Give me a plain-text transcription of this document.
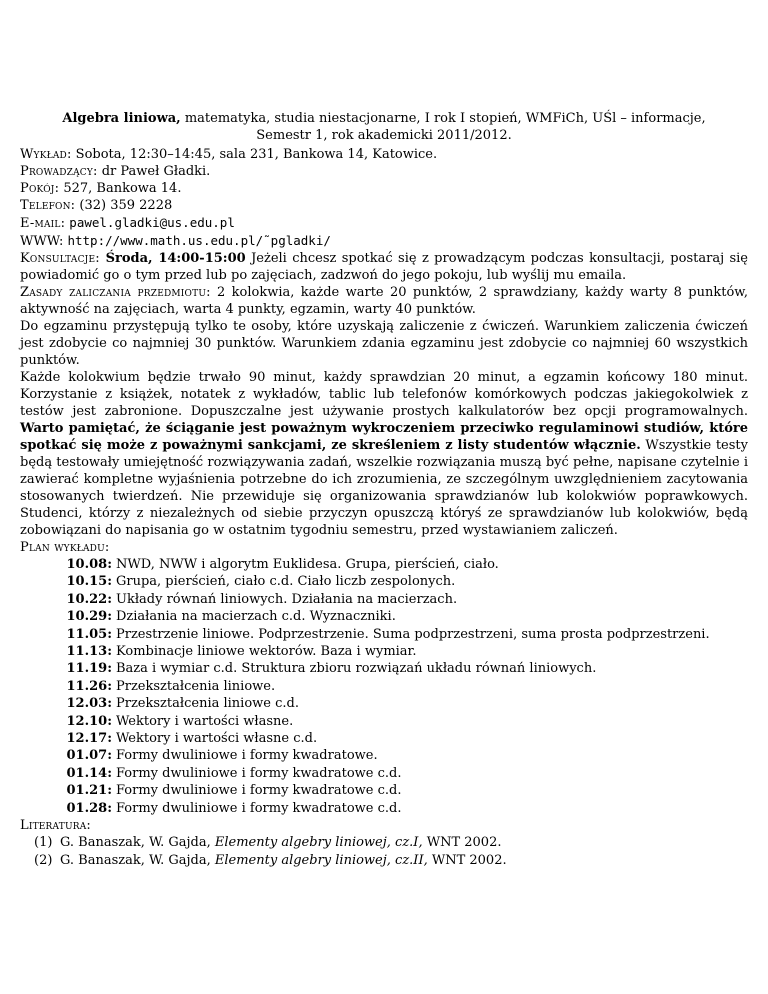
Algebra liniowa, matematyka, studia niestacjonarne, I rok I stopień, WMFiCh, UŚl – informacje,
Semestr 1, rok akademicki 2011/2012.
Wykład: Sobota, 12:30–14:45, sala 231, Bankowa 14, Katowice.
Prowadzący: dr Paweł Gładki.
Pokój: 527, Bankowa 14.
Telefon: (32) 359 2228
E-mail: pawel.gladki@us.edu.pl
WWW: http://www.math.us.edu.pl/˜pgladki/

Konsultacje: Środa, 14:00-15:00 Jeżeli chcesz spotkać się z prowadzącym podczas konsultacji, postaraj się powiadomić go o tym przed lub po zajęciach, zadzwoń do jego pokoju, lub wyślij mu emaila.

Zasady zaliczania przedmiotu: 2 kolokwia, każde warte 20 punktów, 2 sprawdziany, każdy warty 8 punktów, aktywność na zajęciach, warta 4 punkty, egzamin, warty 40 punktów.

Do egzaminu przystępują tylko te osoby, które uzyskają zaliczenie z ćwiczeń. Warunkiem zaliczenia ćwiczeń jest zdobycie co najmniej 30 punktów. Warunkiem zdania egzaminu jest zdobycie co najmniej 60 wszystkich punktów.

Każde kolokwium będzie trwało 90 minut, każdy sprawdzian 20 minut, a egzamin końcowy 180 minut. Korzystanie z książek, notatek z wykładów, tablic lub telefonów komórkowych podczas jakiegokolwiek z testów jest zabronione. Dopuszczalne jest używanie prostych kalkulatorów bez opcji programowalnych. Warto pamiętać, że ściąganie jest poważnym wykroczeniem przeciwko regulaminowi studiów, które spotkać się może z poważnymi sankcjami, ze skreśleniem z listy studentów włącznie. Wszystkie testy będą testowały umiejętność rozwiązywania zadań, wszelkie rozwiązania muszą być pełne, napisane czytelnie i zawierać kompletne wyjaśnienia potrzebne do ich zrozumienia, ze szczególnym uwzględnieniem zacytowania stosowanych twierdzeń. Nie przewiduje się organizowania sprawdzianów lub kolokwiów poprawkowych. Studenci, którzy z niezależnych od siebie przyczyn opuszczą któryś ze sprawdzianów lub kolokwiów, będą zobowiązani do napisania go w ostatnim tygodniu semestru, przed wystawianiem zaliczeń.

Plan wykładu:
10.08: NWD, NWW i algorytm Euklidesa. Grupa, pierścień, ciało.
10.15: Grupa, pierścień, ciało c.d. Ciało liczb zespolonych.
10.22: Układy równań liniowych. Działania na macierzach.
10.29: Działania na macierzach c.d. Wyznaczniki.
11.05: Przestrzenie liniowe. Podprzestrzenie. Suma podprzestrzeni, suma prosta podprzestrzeni.
11.13: Kombinacje liniowe wektorów. Baza i wymiar.
11.19: Baza i wymiar c.d. Struktura zbioru rozwiązań układu równań liniowych.
11.26: Przekształcenia liniowe.
12.03: Przekształcenia liniowe c.d.
12.10: Wektory i wartości własne.
12.17: Wektory i wartości własne c.d.
01.07: Formy dwuliniowe i formy kwadratowe.
01.14: Formy dwuliniowe i formy kwadratowe c.d.
01.21: Formy dwuliniowe i formy kwadratowe c.d.
01.28: Formy dwuliniowe i formy kwadratowe c.d.
Literatura:
(1) G. Banaszak, W. Gajda, Elementy algebry liniowej, cz.I, WNT 2002.
(2) G. Banaszak, W. Gajda, Elementy algebry liniowej, cz.II, WNT 2002.
